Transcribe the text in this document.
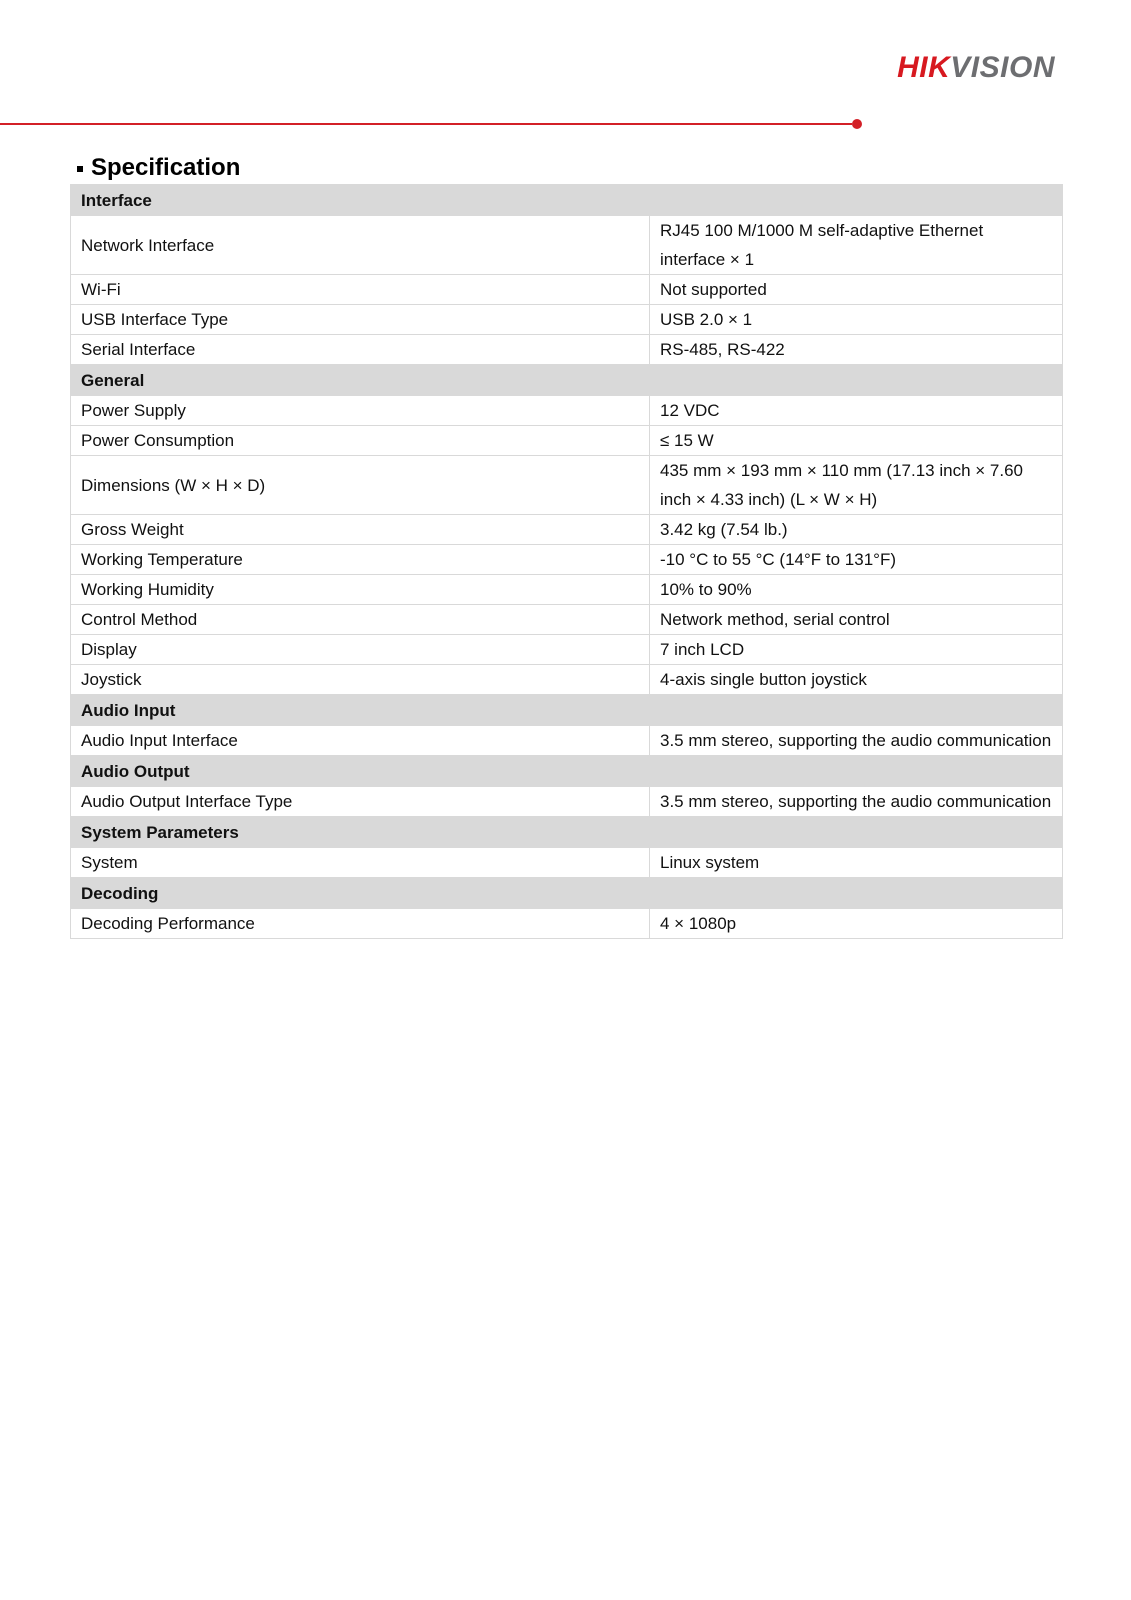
HIKVISION
Specification
Interface	
Network Interface	RJ45 100 M/1000 M self-adaptive Ethernet interface × 1
Wi-Fi	Not supported
USB Interface Type	USB 2.0 × 1
Serial Interface	RS-485, RS-422
General	
Power Supply	12 VDC
Power Consumption	≤ 15 W
Dimensions (W × H × D)	435 mm × 193 mm × 110 mm (17.13 inch × 7.60 inch × 4.33 inch) (L × W × H)
Gross Weight	3.42 kg (7.54 lb.)
Working Temperature	-10 °C to 55 °C (14°F to 131°F)
Working Humidity	10% to 90%
Control Method	Network method, serial control
Display	7 inch LCD
Joystick	4-axis single button joystick
Audio Input	
Audio Input Interface	3.5 mm stereo, supporting the audio communication
Audio Output	
Audio Output Interface Type	3.5 mm stereo, supporting the audio communication
System Parameters	
System	Linux system
Decoding	
Decoding Performance	4 × 1080p
